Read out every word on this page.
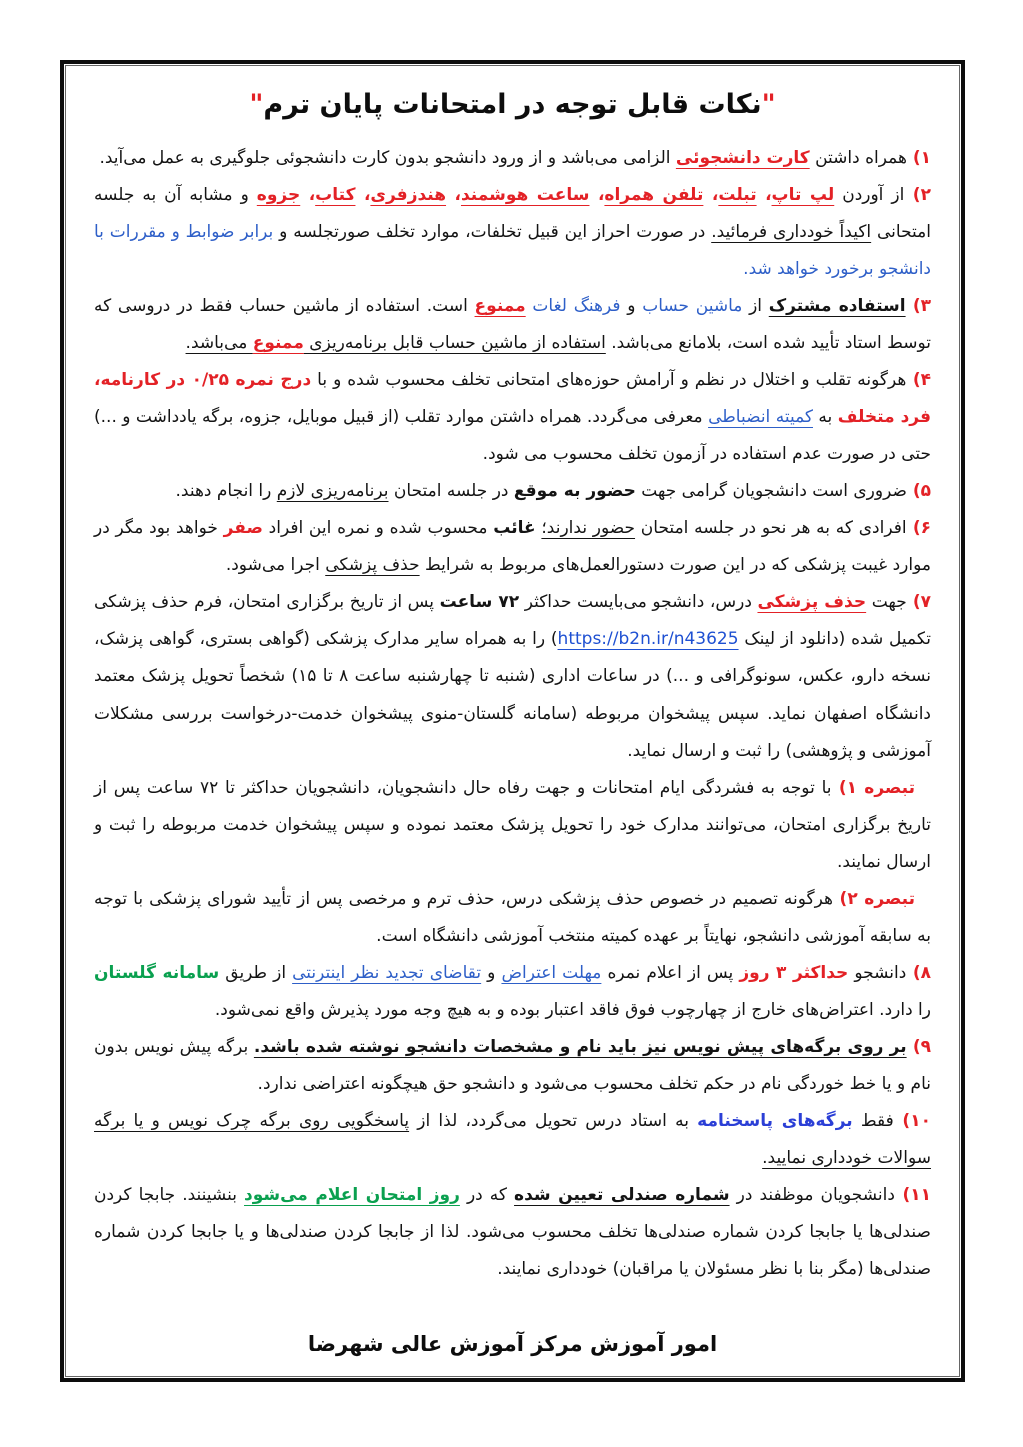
"نکات قابل توجه در امتحانات پایان ترم"

۱) همراه داشتن کارت دانشجوئی الزامی می‌باشد و از ورود دانشجو بدون کارت دانشجوئی جلوگیری به عمل می‌آید.

۲) از آوردن لپ تاپ، تبلت، تلفن همراه، ساعت هوشمند، هندزفری، کتاب، جزوه و مشابه آن به جلسه امتحانی اکیداً خودداری فرمائید. در صورت احراز این قبیل تخلفات، موارد تخلف صورتجلسه و برابر ضوابط و مقررات با دانشجو برخورد خواهد شد.

۳) استفاده مشترک از ماشین حساب و فرهنگ لغات ممنوع است. استفاده از ماشین حساب فقط در دروسی که توسط استاد تأیید شده است، بلامانع می‌باشد. استفاده از ماشین حساب قابل برنامه‌ریزی ممنوع می‌باشد.

۴) هرگونه تقلب و اختلال در نظم و آرامش حوزه‌های امتحانی تخلف محسوب شده و با درج نمره ۰/۲۵ در کارنامه، فرد متخلف به کمیته انضباطی معرفی می‌گردد. همراه داشتن موارد تقلب (از قبیل موبایل، جزوه، برگه یادداشت و ...) حتی در صورت عدم استفاده در آزمون تخلف محسوب می شود.

۵) ضروری است دانشجویان گرامی جهت حضور به موقع در جلسه امتحان برنامه‌ریزی لازم را انجام دهند.

۶) افرادی که به هر نحو در جلسه امتحان حضور ندارند؛ غائب محسوب شده و نمره این افراد صفر خواهد بود مگر در موارد غیبت پزشکی که در این صورت دستورالعمل‌های مربوط به شرایط حذف پزشکی اجرا می‌شود.

۷) جهت حذف پزشکی درس، دانشجو می‌بایست حداکثر ۷۲ ساعت پس از تاریخ برگزاری امتحان، فرم حذف پزشکی تکمیل شده (دانلود از لینک https://b2n.ir/n43625) را به همراه سایر مدارک پزشکی (گواهی بستری، گواهی پزشک، نسخه دارو، عکس، سونوگرافی و ...) در ساعات اداری (شنبه تا چهارشنبه ساعت ۸ تا ۱۵) شخصاً تحویل پزشک معتمد دانشگاه اصفهان نماید. سپس پیشخوان مربوطه (سامانه گلستان-منوی پیشخوان خدمت-درخواست بررسی مشکلات آموزشی و پژوهشی) را ثبت و ارسال نماید.

تبصره ۱) با توجه به فشردگی ایام امتحانات و جهت رفاه حال دانشجویان، دانشجویان حداکثر تا ۷۲ ساعت پس از تاریخ برگزاری امتحان، می‌توانند مدارک خود را تحویل پزشک معتمد نموده و سپس پیشخوان خدمت مربوطه را ثبت و ارسال نمایند.

تبصره ۲) هرگونه تصمیم در خصوص حذف پزشکی درس، حذف ترم و مرخصی پس از تأیید شورای پزشکی با توجه به سابقه آموزشی دانشجو، نهایتاً بر عهده کمیته منتخب آموزشی دانشگاه است.

۸) دانشجو حداکثر ۳ روز پس از اعلام نمره مهلت اعتراض و تقاضای تجدید نظر اینترنتی از طریق سامانه گلستان را دارد. اعتراض‌های خارج از چهارچوب فوق فاقد اعتبار بوده و به هیچ وجه مورد پذیرش واقع نمی‌شود.

۹) بر روی برگه‌های پیش نویس نیز باید نام و مشخصات دانشجو نوشته شده باشد. برگه پیش نویس بدون نام و یا خط خوردگی نام در حکم تخلف محسوب می‌شود و دانشجو حق هیچگونه اعتراضی ندارد.

۱۰) فقط برگه‌های پاسخنامه به استاد درس تحویل می‌گردد، لذا از پاسخگویی روی برگه چرک نویس و یا برگه سوالات خودداری نمایید.

۱۱) دانشجویان موظفند در شماره صندلی تعیین شده که در روز امتحان اعلام می‌شود بنشینند. جابجا کردن صندلی‌ها یا جابجا کردن شماره صندلی‌ها تخلف محسوب می‌شود. لذا از جابجا کردن صندلی‌ها و یا جابجا کردن شماره صندلی‌ها (مگر بنا با نظر مسئولان یا مراقبان) خودداری نمایند.

امور آموزش مرکز آموزش عالی شهرضا
